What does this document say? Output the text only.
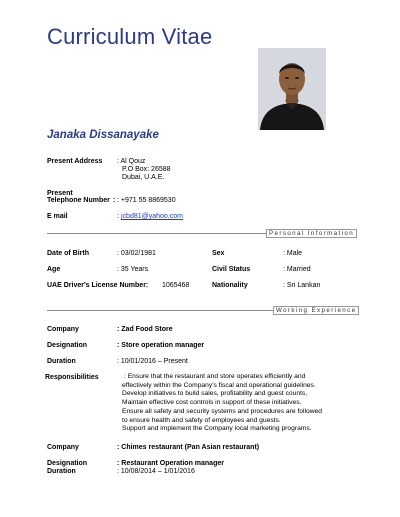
Curriculum Vitae
Janaka Dissanayake
Present Address : Al Qouz
P.O Box: 26588
Dubai, U.A.E.
Present
Telephone Number : : +971 55 8869530
E mail	: jcbd81@yahoo.com
Personal Information
Date of Birth	: 03/02/1981	Sex	: Male
Age	: 35 Years	Civil Status	: Married
UAE Driver's License Number: 1065468	Nationality	: Sri Lankan
Working Experience
Company	: Zad Food Store
Designation	: Store operation manager
Duration	: 10/01/2016 – Present
Responsibilities	: Ensure that the restaurant and store operates efficiently and
effectively within the Company's fiscal and operational guidelines.
Develop initiatives to build sales, profitability and guest counts,
Maintain effective cost controls in support of these initiatives.
Ensure all safety and security systems and procedures are followed
to ensure health and safety of employees and guests.
Support and implement the Company local marketing programs.
Company	: Chimes restaurant (Pan Asian restaurant)
Designation	: Restaurant Operation manager
Duration	: 10/08/2014 – 1/01/2016
